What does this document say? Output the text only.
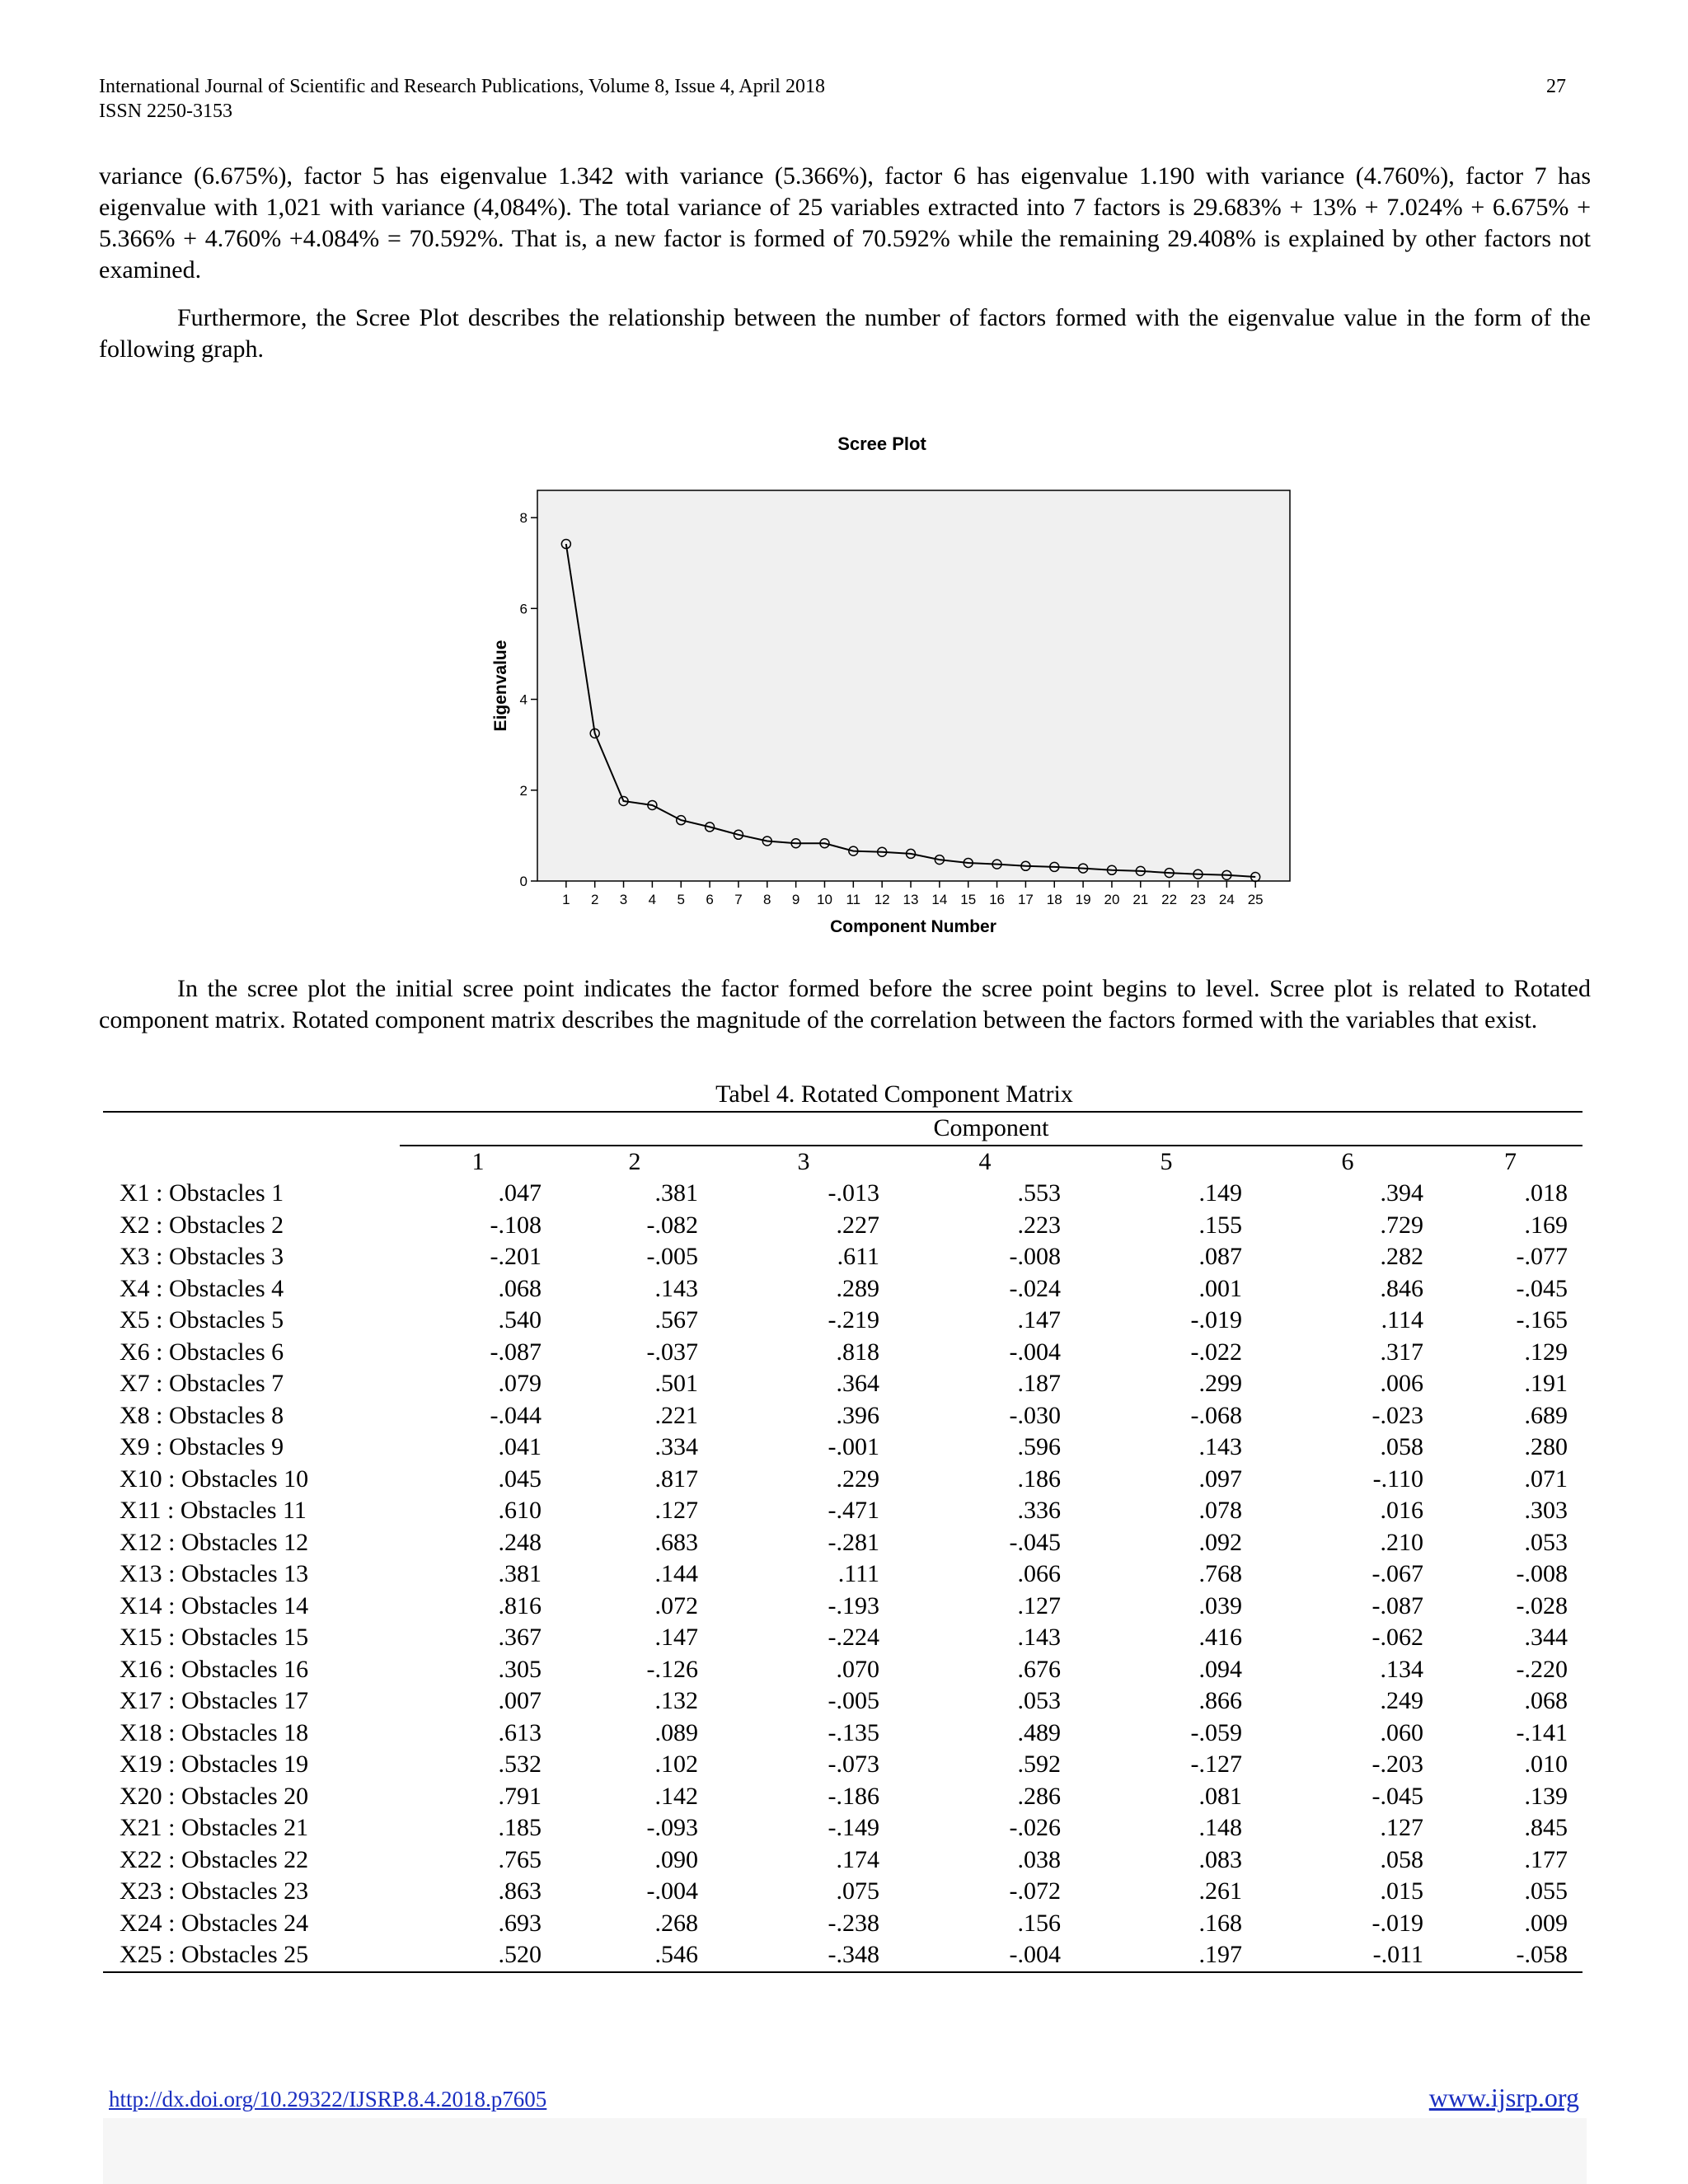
International Journal of Scientific and Research Publications, Volume 8, Issue 4, April 2018
ISSN 2250-3153
27

variance (6.675%), factor 5 has eigenvalue 1.342 with variance (5.366%), factor 6 has eigenvalue 1.190 with variance (4.760%), factor 7 has eigenvalue with 1,021 with variance (4,084%). The total variance of 25 variables extracted into 7 factors is 29.683% + 13% + 7.024% + 6.675% + 5.366% + 4.760% +4.084% = 70.592%. That is, a new factor is formed of 70.592% while the remaining 29.408% is explained by other factors not examined.

Furthermore, the Scree Plot describes the relationship between the number of factors formed with the eigenvalue value in the form of the following graph.

Scree Plot
0
2
4
6
8
1 2 3 4 5 6 7 8 9 10 11 12 13 14 15 16 17 18 19 20 21 22 23 24 25
Component Number
Eigenvalue

In the scree plot the initial scree point indicates the factor formed before the scree point begins to level. Scree plot is related to Rotated component matrix. Rotated component matrix describes the magnitude of the correlation between the factors formed with the variables that exist.

Tabel 4. Rotated Component Matrix
	Component						
	1	2	3	4	5	6	7
X1 : Obstacles 1	.047	.381	-.013	.553	.149	.394	.018
X2 : Obstacles 2	-.108	-.082	.227	.223	.155	.729	.169
X3 : Obstacles 3	-.201	-.005	.611	-.008	.087	.282	-.077
X4 : Obstacles 4	.068	.143	.289	-.024	.001	.846	-.045
X5 : Obstacles 5	.540	.567	-.219	.147	-.019	.114	-.165
X6 : Obstacles 6	-.087	-.037	.818	-.004	-.022	.317	.129
X7 : Obstacles 7	.079	.501	.364	.187	.299	.006	.191
X8 : Obstacles 8	-.044	.221	.396	-.030	-.068	-.023	.689
X9 : Obstacles 9	.041	.334	-.001	.596	.143	.058	.280
X10 : Obstacles 10	.045	.817	.229	.186	.097	-.110	.071
X11 : Obstacles 11	.610	.127	-.471	.336	.078	.016	.303
X12 : Obstacles 12	.248	.683	-.281	-.045	.092	.210	.053
X13 : Obstacles 13	.381	.144	.111	.066	.768	-.067	-.008
X14 : Obstacles 14	.816	.072	-.193	.127	.039	-.087	-.028
X15 : Obstacles 15	.367	.147	-.224	.143	.416	-.062	.344
X16 : Obstacles 16	.305	-.126	.070	.676	.094	.134	-.220
X17 : Obstacles 17	.007	.132	-.005	.053	.866	.249	.068
X18 : Obstacles 18	.613	.089	-.135	.489	-.059	.060	-.141
X19 : Obstacles 19	.532	.102	-.073	.592	-.127	-.203	.010
X20 : Obstacles 20	.791	.142	-.186	.286	.081	-.045	.139
X21 : Obstacles 21	.185	-.093	-.149	-.026	.148	.127	.845
X22 : Obstacles 22	.765	.090	.174	.038	.083	.058	.177
X23 : Obstacles 23	.863	-.004	.075	-.072	.261	.015	.055
X24 : Obstacles 24	.693	.268	-.238	.156	.168	-.019	.009
X25 : Obstacles 25	.520	.546	-.348	-.004	.197	-.011	-.058
http://dx.doi.org/10.29322/IJSRP.8.4.2018.p7605	www.ijsrp.org
